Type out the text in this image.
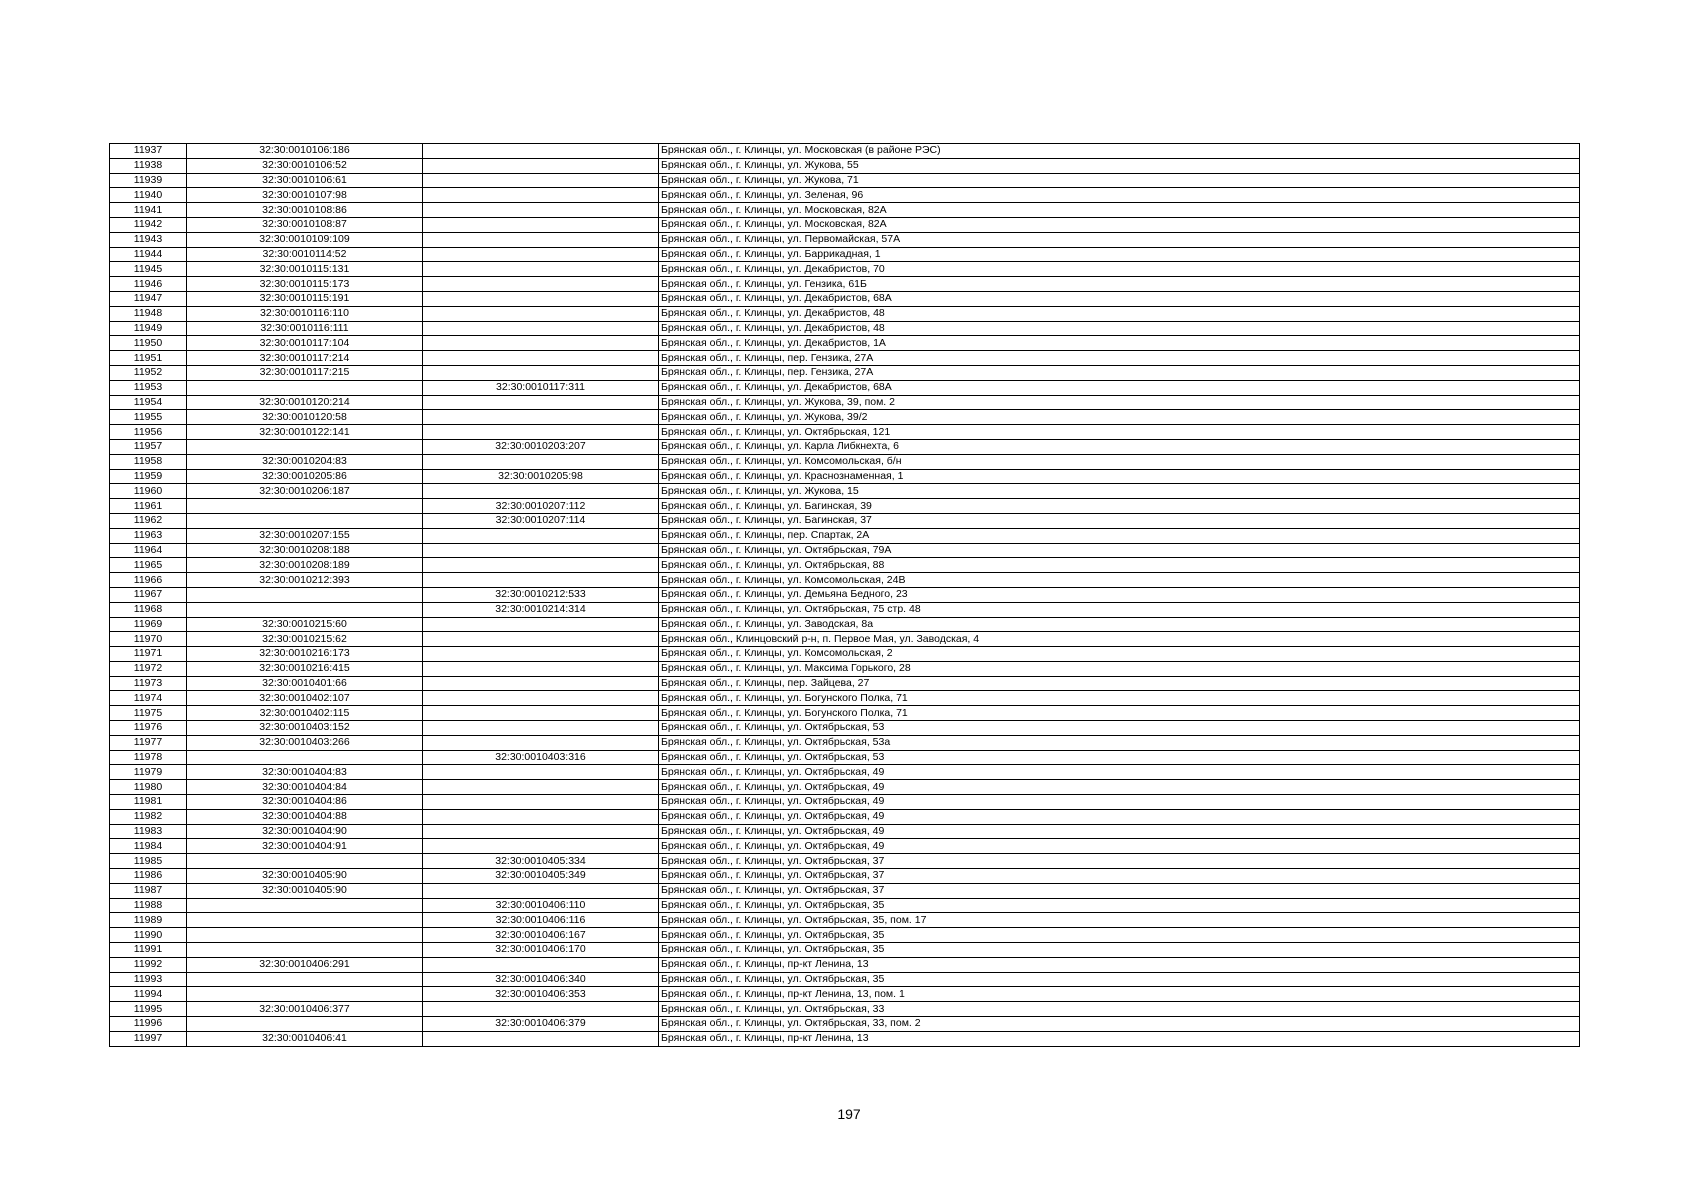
11937	32:30:0010106:186		Брянская обл., г. Клинцы, ул. Московская (в районе РЭС)
11938	32:30:0010106:52		Брянская обл., г. Клинцы, ул. Жукова, 55
11939	32:30:0010106:61		Брянская обл., г. Клинцы, ул. Жукова, 71
11940	32:30:0010107:98		Брянская обл., г. Клинцы, ул. Зеленая, 96
11941	32:30:0010108:86		Брянская обл., г. Клинцы, ул. Московская, 82А
11942	32:30:0010108:87		Брянская обл., г. Клинцы, ул. Московская, 82А
11943	32:30:0010109:109		Брянская обл., г. Клинцы, ул. Первомайская, 57А
11944	32:30:0010114:52		Брянская обл., г. Клинцы, ул. Баррикадная, 1
11945	32:30:0010115:131		Брянская обл., г. Клинцы, ул. Декабристов, 70
11946	32:30:0010115:173		Брянская обл., г. Клинцы, ул. Гензика, 61Б
11947	32:30:0010115:191		Брянская обл., г. Клинцы, ул. Декабристов, 68А
11948	32:30:0010116:110		Брянская обл., г. Клинцы, ул. Декабристов, 48
11949	32:30:0010116:111		Брянская обл., г. Клинцы, ул. Декабристов, 48
11950	32:30:0010117:104		Брянская обл., г. Клинцы, ул. Декабристов, 1А
11951	32:30:0010117:214		Брянская обл., г. Клинцы, пер. Гензика, 27А
11952	32:30:0010117:215		Брянская обл., г. Клинцы, пер. Гензика, 27А
11953		32:30:0010117:311	Брянская обл., г. Клинцы, ул. Декабристов, 68А
11954	32:30:0010120:214		Брянская обл., г. Клинцы, ул. Жукова, 39, пом. 2
11955	32:30:0010120:58		Брянская обл., г. Клинцы, ул. Жукова, 39/2
11956	32:30:0010122:141		Брянская обл., г. Клинцы, ул. Октябрьская, 121
11957		32:30:0010203:207	Брянская обл., г. Клинцы, ул. Карла Либкнехта, 6
11958	32:30:0010204:83		Брянская обл., г. Клинцы, ул. Комсомольская, б/н
11959	32:30:0010205:86	32:30:0010205:98	Брянская обл., г. Клинцы, ул. Краснознаменная, 1
11960	32:30:0010206:187		Брянская обл., г. Клинцы, ул. Жукова, 15
11961		32:30:0010207:112	Брянская обл., г. Клинцы, ул. Багинская, 39
11962		32:30:0010207:114	Брянская обл., г. Клинцы, ул. Багинская, 37
11963	32:30:0010207:155		Брянская обл., г. Клинцы, пер. Спартак, 2А
11964	32:30:0010208:188		Брянская обл., г. Клинцы, ул. Октябрьская, 79А
11965	32:30:0010208:189		Брянская обл., г. Клинцы, ул. Октябрьская, 88
11966	32:30:0010212:393		Брянская обл., г. Клинцы, ул. Комсомольская, 24В
11967		32:30:0010212:533	Брянская обл., г. Клинцы, ул. Демьяна Бедного, 23
11968		32:30:0010214:314	Брянская обл., г. Клинцы, ул. Октябрьская, 75 стр. 48
11969	32:30:0010215:60		Брянская обл., г. Клинцы, ул. Заводская, 8а
11970	32:30:0010215:62		Брянская обл., Клинцовский р-н, п. Первое Мая, ул. Заводская, 4
11971	32:30:0010216:173		Брянская обл., г. Клинцы, ул. Комсомольская, 2
11972	32:30:0010216:415		Брянская обл., г. Клинцы, ул. Максима Горького, 28
11973	32:30:0010401:66		Брянская обл., г. Клинцы, пер. Зайцева, 27
11974	32:30:0010402:107		Брянская обл., г. Клинцы, ул. Богунского Полка, 71
11975	32:30:0010402:115		Брянская обл., г. Клинцы, ул. Богунского Полка, 71
11976	32:30:0010403:152		Брянская обл., г. Клинцы, ул. Октябрьская, 53
11977	32:30:0010403:266		Брянская обл., г. Клинцы, ул. Октябрьская, 53а
11978		32:30:0010403:316	Брянская обл., г. Клинцы, ул. Октябрьская, 53
11979	32:30:0010404:83		Брянская обл., г. Клинцы, ул. Октябрьская, 49
11980	32:30:0010404:84		Брянская обл., г. Клинцы, ул. Октябрьская, 49
11981	32:30:0010404:86		Брянская обл., г. Клинцы, ул. Октябрьская, 49
11982	32:30:0010404:88		Брянская обл., г. Клинцы, ул. Октябрьская, 49
11983	32:30:0010404:90		Брянская обл., г. Клинцы, ул. Октябрьская, 49
11984	32:30:0010404:91		Брянская обл., г. Клинцы, ул. Октябрьская, 49
11985		32:30:0010405:334	Брянская обл., г. Клинцы, ул. Октябрьская, 37
11986	32:30:0010405:90	32:30:0010405:349	Брянская обл., г. Клинцы, ул. Октябрьская, 37
11987	32:30:0010405:90		Брянская обл., г. Клинцы, ул. Октябрьская, 37
11988		32:30:0010406:110	Брянская обл., г. Клинцы, ул. Октябрьская, 35
11989		32:30:0010406:116	Брянская обл., г. Клинцы, ул. Октябрьская, 35, пом. 17
11990		32:30:0010406:167	Брянская обл., г. Клинцы, ул. Октябрьская, 35
11991		32:30:0010406:170	Брянская обл., г. Клинцы, ул. Октябрьская, 35
11992	32:30:0010406:291		Брянская обл., г. Клинцы, пр-кт Ленина, 13
11993		32:30:0010406:340	Брянская обл., г. Клинцы, ул. Октябрьская, 35
11994		32:30:0010406:353	Брянская обл., г. Клинцы, пр-кт Ленина, 13, пом. 1
11995	32:30:0010406:377		Брянская обл., г. Клинцы, ул. Октябрьская, 33
11996		32:30:0010406:379	Брянская обл., г. Клинцы, ул. Октябрьская, 33, пом. 2
11997	32:30:0010406:41		Брянская обл., г. Клинцы, пр-кт Ленина, 13
197
